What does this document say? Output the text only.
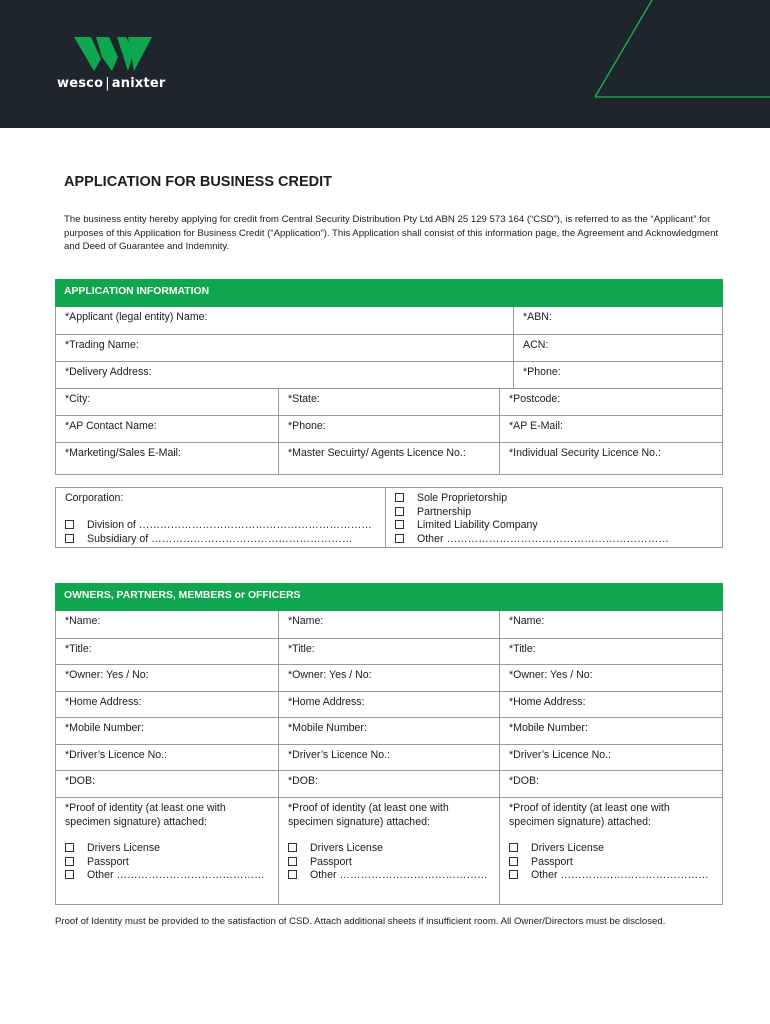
wesco | anixter
APPLICATION FOR BUSINESS CREDIT
The business entity hereby applying for credit from Central Security Distribution Pty Ltd ABN 25 129 573 164 (“CSD”), is referred to as the “Applicant” for purposes of this Application for Business Credit (“Application”). This Application shall consist of this information page, the Agreement and Acknowledgment and Deed of Guarantee and Indemnity.
APPLICATION INFORMATION
*Applicant (legal entity) Name:	*ABN:
*Trading Name:	ACN:
*Delivery Address:	*Phone:
*City:	*State:	*Postcode:
*AP Contact Name:	*Phone:	*AP E-Mail:
*Marketing/Sales E-Mail:	*Master Secuirty/ Agents Licence No.:	*Individual Security Licence No.:
Corporation:
Division of …………………………………………………………
Subsidiary of …………………………………………………
Sole Proprietorship
Partnership
Limited Liability Company
Other ………………………………………………………
OWNERS, PARTNERS, MEMBERS or OFFICERS
*Name:	*Name:	*Name:
*Title:	*Title:	*Title:
*Owner: Yes / No:	*Owner: Yes / No:	*Owner: Yes / No:
*Home Address:	*Home Address:	*Home Address:
*Mobile Number:	*Mobile Number:	*Mobile Number:
*Driver’s Licence No.:	*Driver’s Licence No.:	*Driver’s Licence No.:
*DOB:	*DOB:	*DOB:
*Proof of identity (at least one with
specimen signature) attached:
Drivers License
Passport
Other ……………………………………
*Proof of identity (at least one with
specimen signature) attached:
Drivers License
Passport
Other ……………………………………
*Proof of identity (at least one with
specimen signature) attached:
Drivers License
Passport
Other ……………………………………
Proof of Identity must be provided to the satisfaction of CSD. Attach additional sheets if insufficient room. All Owner/Directors must be disclosed.
